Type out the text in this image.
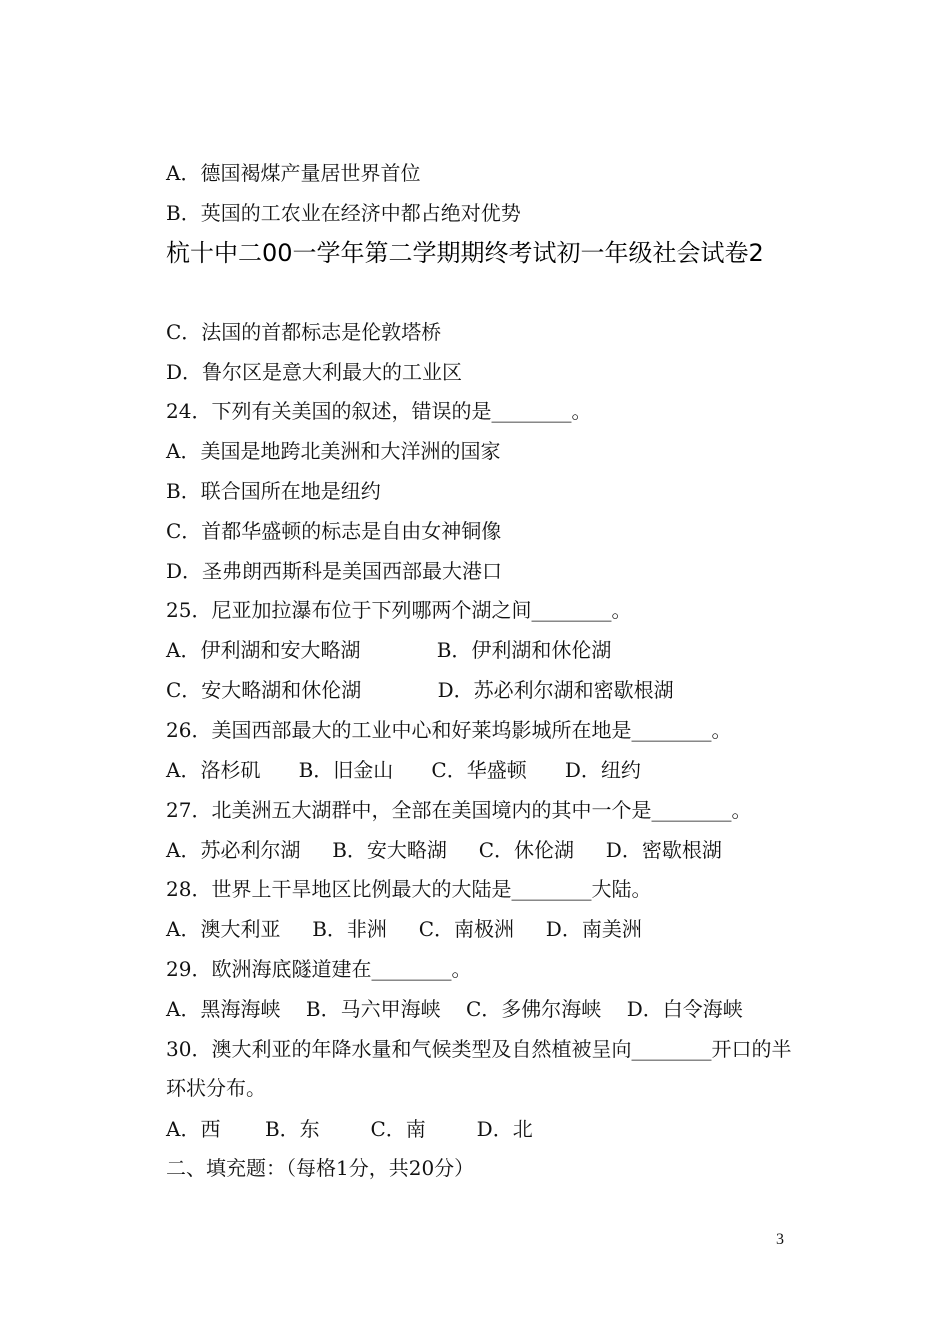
A．德国褐煤产量居世界首位
B．英国的工农业在经济中都占绝对优势
杭十中二00一学年第二学期期终考试初一年级社会试卷2
C．法国的首都标志是伦敦塔桥
D．鲁尔区是意大利最大的工业区
24．下列有关美国的叙述，错误的是________。
A．美国是地跨北美洲和大洋洲的国家
B．联合国所在地是纽约
C．首都华盛顿的标志是自由女神铜像
D．圣弗朗西斯科是美国西部最大港口
25．尼亚加拉瀑布位于下列哪两个湖之间________。
A．伊利湖和安大略湖            B．伊利湖和休伦湖
C．安大略湖和休伦湖            D．苏必利尔湖和密歇根湖
26．美国西部最大的工业中心和好莱坞影城所在地是________。
A．洛杉矶      B．旧金山      C．华盛顿      D．纽约
27．北美洲五大湖群中，全部在美国境内的其中一个是________。
A．苏必利尔湖     B．安大略湖     C．休伦湖     D．密歇根湖
28．世界上干旱地区比例最大的大陆是________大陆。
A．澳大利亚     B．非洲     C．南极洲     D．南美洲
29．欧洲海底隧道建在________。
A．黑海海峡    B．马六甲海峡    C．多佛尔海峡    D．白令海峡
30．澳大利亚的年降水量和气候类型及自然植被呈向________开口的半
环状分布。
A．西       B．东        C．南        D．北
二、填充题：（每格1分，共20分）
3
